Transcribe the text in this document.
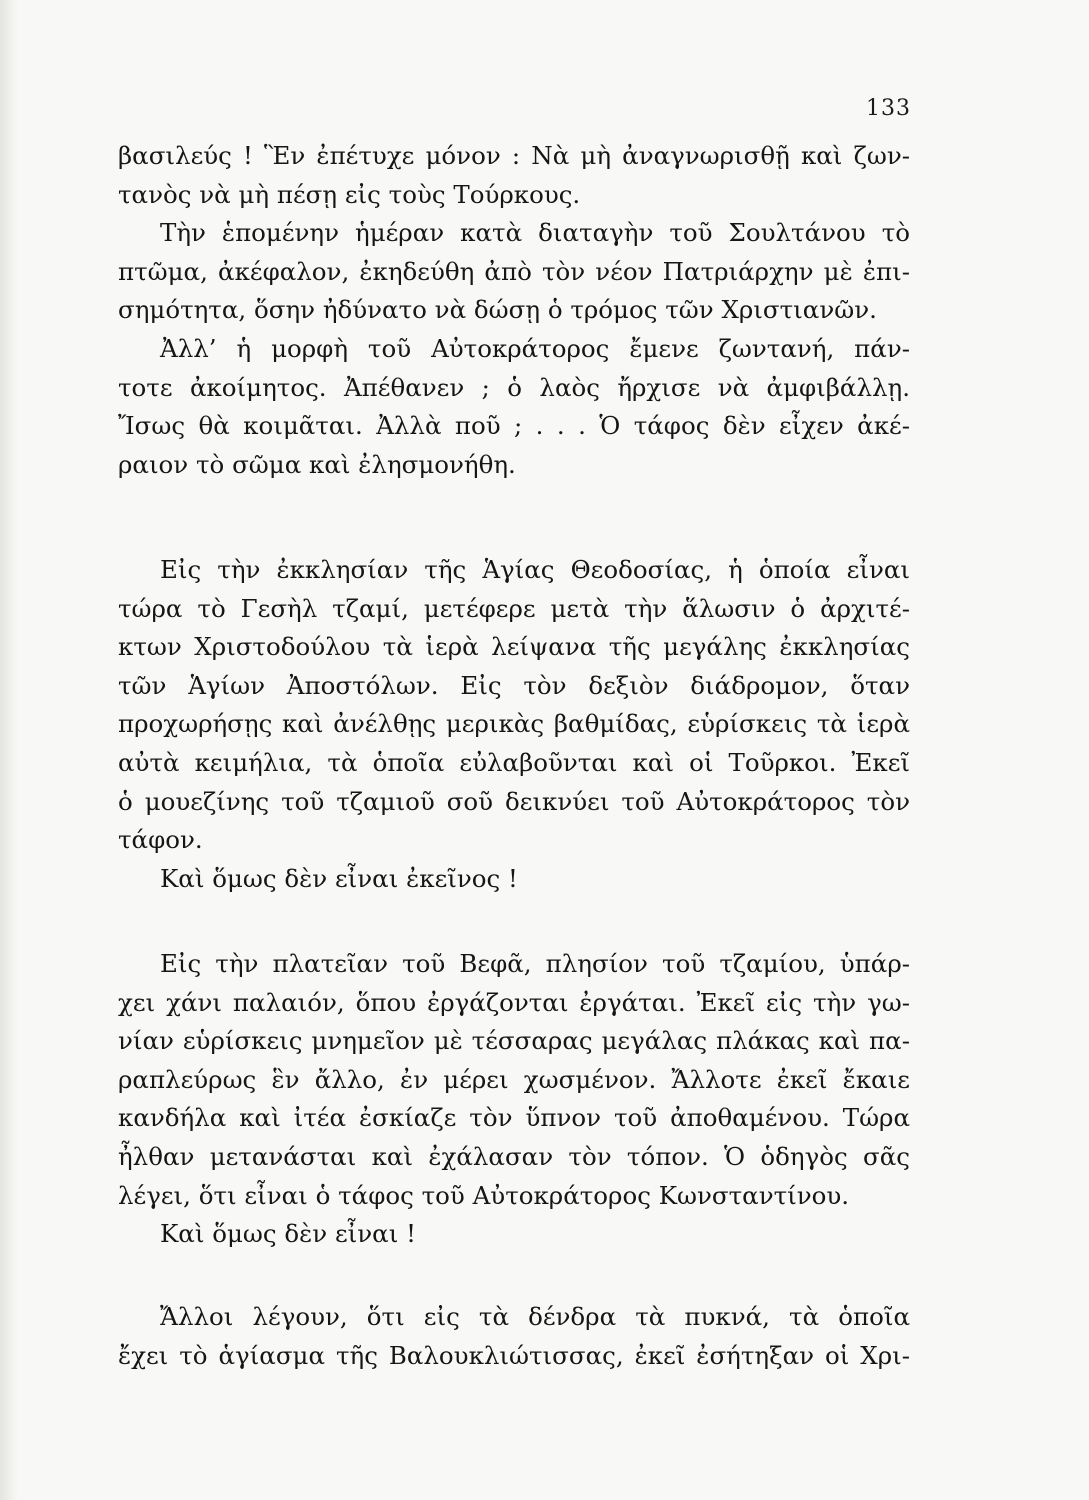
133
βασιλεύς ! Ἓν ἐπέτυχε μόνον : Νὰ μὴ ἀναγνωρισθῇ καὶ ζων-
τανὸς νὰ μὴ πέσῃ εἰς τοὺς Τούρκους.
Τὴν ἑπομένην ἡμέραν κατὰ διαταγὴν τοῦ Σουλτάνου τὸ
πτῶμα, ἀκέφαλον, ἐκηδεύθη ἀπὸ τὸν νέον Πατριάρχην μὲ ἐπι-
σημότητα, ὅσην ἠδύνατο νὰ δώσῃ ὁ τρόμος τῶν Χριστιανῶν.
Ἀλλ’ ἡ μορφὴ τοῦ Αὐτοκράτορος ἔμενε ζωντανή, πάν-
τοτε ἀκοίμητος. Ἀπέθανεν ; ὁ λαὸς ἤρχισε νὰ ἀμφιβάλλῃ.
Ἴσως θὰ κοιμᾶται. Ἀλλὰ ποῦ ; . . . Ὁ τάφος δὲν εἶχεν ἀκέ-
ραιον τὸ σῶμα καὶ ἐλησμονήθη.
Εἰς τὴν ἐκκλησίαν τῆς Ἁγίας Θεοδοσίας, ἡ ὁποία εἶναι
τώρα τὸ Γεσὴλ τζαμί, μετέφερε μετὰ τὴν ἅλωσιν ὁ ἀρχιτέ-
κτων Χριστοδούλου τὰ ἱερὰ λείψανα τῆς μεγάλης ἐκκλησίας
τῶν Ἁγίων Ἀποστόλων. Εἰς τὸν δεξιὸν διάδρομον, ὅταν
προχωρήσῃς καὶ ἀνέλθῃς μερικὰς βαθμίδας, εὑρίσκεις τὰ ἱερὰ
αὐτὰ κειμήλια, τὰ ὁποῖα εὐλαβοῦνται καὶ οἱ Τοῦρκοι. Ἐκεῖ
ὁ μουεζίνης τοῦ τζαμιοῦ σοῦ δεικνύει τοῦ Αὐτοκράτορος τὸν
τάφον.
Καὶ ὅμως δὲν εἶναι ἐκεῖνος !
Εἰς τὴν πλατεῖαν τοῦ Βεφᾶ, πλησίον τοῦ τζαμίου, ὑπάρ-
χει χάνι παλαιόν, ὅπου ἐργάζονται ἐργάται. Ἐκεῖ εἰς τὴν γω-
νίαν εὑρίσκεις μνημεῖον μὲ τέσσαρας μεγάλας πλάκας καὶ πα-
ραπλεύρως ἓν ἄλλο, ἐν μέρει χωσμένον. Ἄλλοτε ἐκεῖ ἔκαιε
κανδήλα καὶ ἰτέα ἐσκίαζε τὸν ὕπνον τοῦ ἀποθαμένου. Τώρα
ἦλθαν μετανάσται καὶ ἐχάλασαν τὸν τόπον. Ὁ ὁδηγὸς σᾶς
λέγει, ὅτι εἶναι ὁ τάφος τοῦ Αὐτοκράτορος Κωνσταντίνου.
Καὶ ὅμως δὲν εἶναι !
Ἄλλοι λέγουν, ὅτι εἰς τὰ δένδρα τὰ πυκνά, τὰ ὁποῖα
ἔχει τὸ ἁγίασμα τῆς Βαλουκλιώτισσας, ἐκεῖ ἐσήτηξαν οἱ Χρι-
